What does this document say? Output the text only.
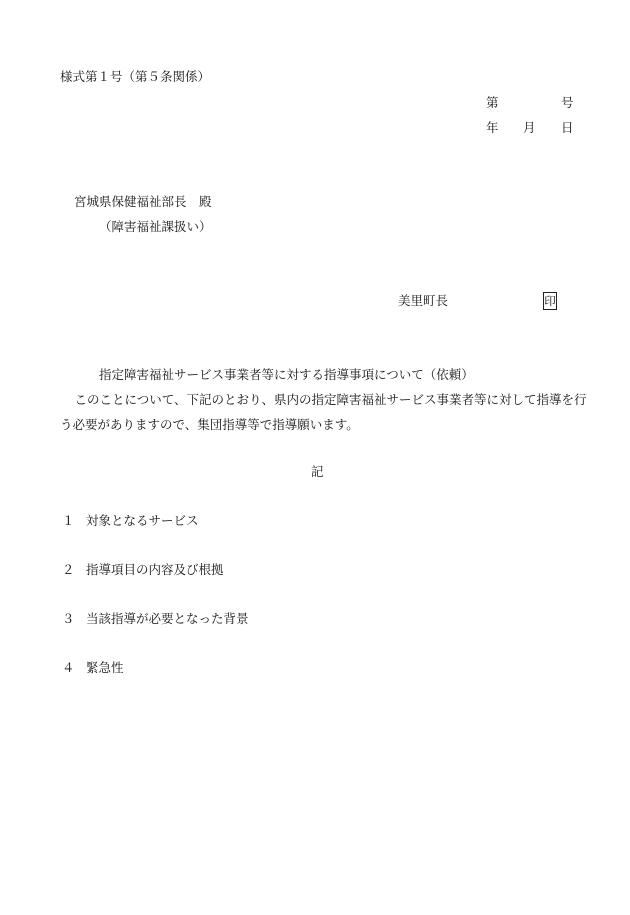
様式第１号（第５条関係）
第	号
年 月 日
宮城県保健福祉部長　殿
（障害福祉課扱い）
美里町長	印
指定障害福祉サービス事業者等に対する指導事項について（依頼）
　このことについて、下記のとおり、県内の指定障害福祉サービス事業者等に対して指導を行
う必要がありますので、集団指導等で指導願います。
記
１ 対象となるサービス
２ 指導項目の内容及び根拠
３ 当該指導が必要となった背景
４ 緊急性
